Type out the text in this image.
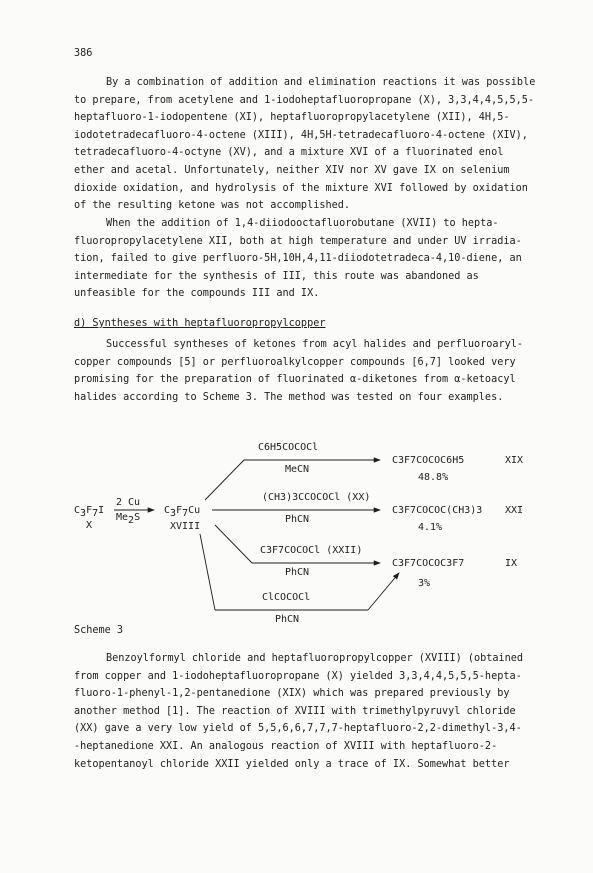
386
By a combination of addition and elimination reactions it was possible
to prepare, from acetylene and 1-iodoheptafluoropropane (X), 3,3,4,4,5,5,5-
heptafluoro-1-iodopentene (XI), heptafluoropropylacetylene (XII), 4H,5-
iodotetradecafluoro-4-octene (XIII), 4H,5H-tetradecafluoro-4-octene (XIV),
tetradecafluoro-4-octyne (XV), and a mixture XVI of a fluorinated enol
ether and acetal. Unfortunately, neither XIV nor XV gave IX on selenium
dioxide oxidation, and hydrolysis of the mixture XVI followed by oxidation
of the resulting ketone was not accomplished.
When the addition of 1,4-diiodooctafluorobutane (XVII) to hepta-
fluoropropylacetylene XII, both at high temperature and under UV irradia-
tion, failed to give perfluoro-5H,10H,4,11-diiodotetradeca-4,10-diene, an
intermediate for the synthesis of III, this route was abandoned as
unfeasible for the compounds III and IX.
d) Syntheses with heptafluoropropylcopper
Successful syntheses of ketones from acyl halides and perfluoroaryl-
copper compounds [5] or perfluoroalkylcopper compounds [6,7] looked very
promising for the preparation of fluorinated α-diketones from α-ketoacyl
halides according to Scheme 3. The method was tested on four examples.
C3F7I
X
2 Cu
Me2S
C3F7Cu
XVIII
C6H5COCOCl
MeCN
C3F7COCOC6H5	XIX
48.8%
(CH3)3CCOCOCl (XX)
PhCN
C3F7COCOC(CH3)3 XXI
4.1%
C3F7COCOCl (XXII)
PhCN
C3F7COCOC3F7	IX
3%
ClCOCOCl
PhCN
Scheme 3
Benzoylformyl chloride and heptafluoropropylcopper (XVIII) (obtained
from copper and 1-iodoheptafluoropropane (X) yielded 3,3,4,4,5,5,5-hepta-
fluoro-1-phenyl-1,2-pentanedione (XIX) which was prepared previously by
another method [1]. The reaction of XVIII with trimethylpyruvyl chloride
(XX) gave a very low yield of 5,5,6,6,7,7,7-heptafluoro-2,2-dimethyl-3,4-
-heptanedione XXI. An analogous reaction of XVIII with heptafluoro-2-
ketopentanoyl chloride XXII yielded only a trace of IX. Somewhat better
